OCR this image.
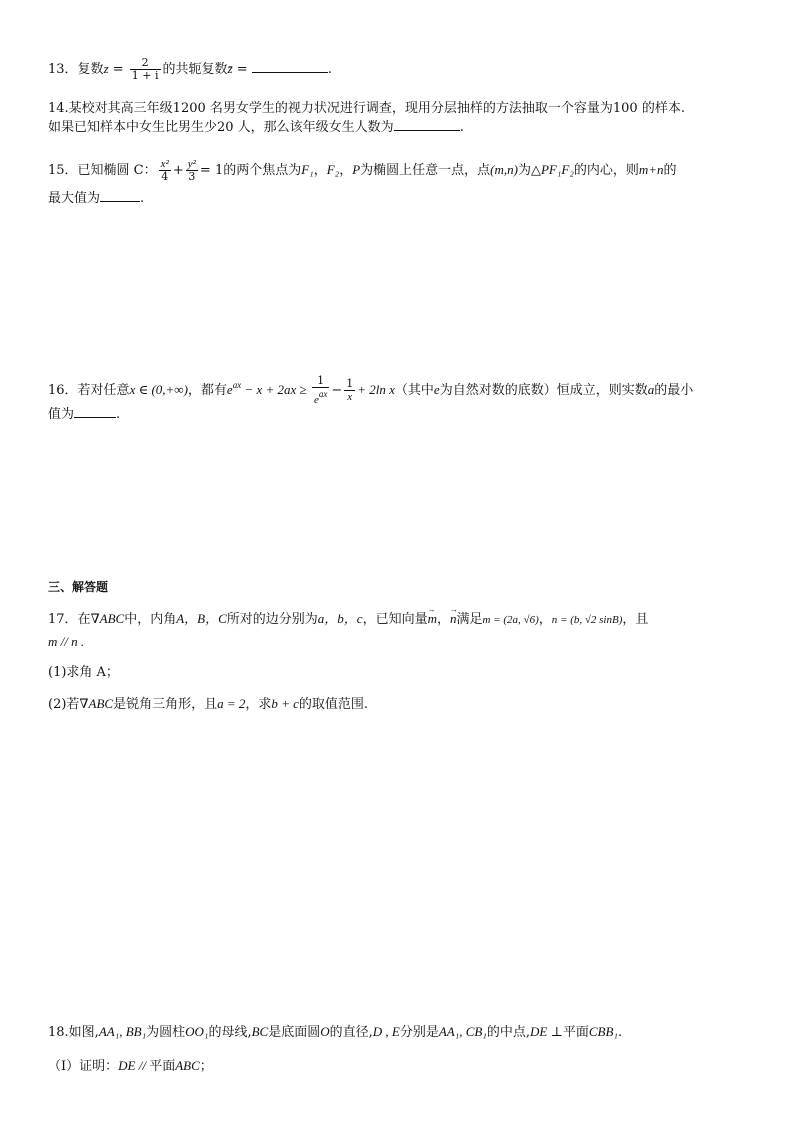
13．复数$z = \frac{2}{1 + i}$ 的共轭复数z̄ =	.
14.某校对其高三年级1200 名男女学生的视力状况进行调查，现用分层抽样的方法抽取一个容量为100 的样本.
如果已知样本中女生比男生少20 人，那么该年级女生人数为	.
15．已知椭圆 C： $\frac{\text{x²}}{4} + \frac{\text{y²}}{3} = 1$的两个焦点为F₁，F₂，P为椭圆上任意一点，点(m,n)为△PF₁F₂的内心，则m+n的
最大值为	.
16．若对任意x ∈ (0,+∞)，都有$e^{ax} - x + 2ax \ge \frac{1}{e^{ax}} - \frac{1}{x} + 2\ln$ x（其中e为自然对数的底数）恒成立，则实数a的最小
值为	.
三、解答题
17．在∇ABC中，内角A，B，C所对的边分别为a，b，c，已知向量→ m，→ n满足m = (2a, √6)，n = (b, √2 sinB)，且
m // n .
(1)求角 A；
(2)若∇ABC是锐角三角形，且a = 2，求b + c的取值范围.
18.如图,AA₁, BB₁为圆柱OO₁的母线,BC是底面圆O的直径,D , E分别是AA₁, CB₁的中点,DE ⊥平面CBB₁.
（Ⅰ）证明：DE // 平面ABC；
